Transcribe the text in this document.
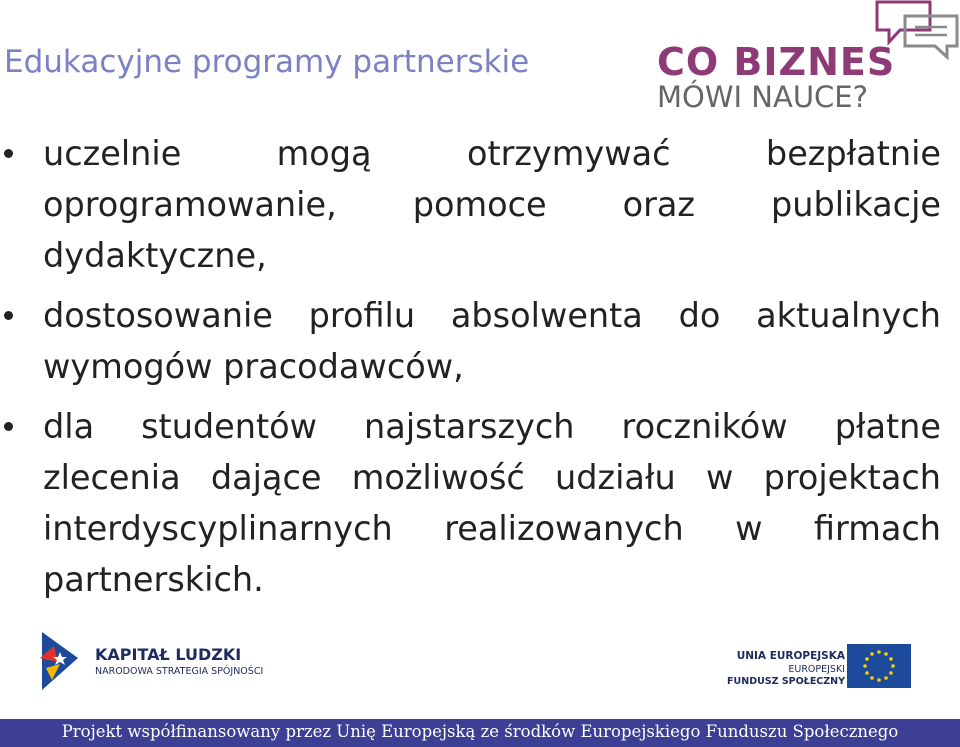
Edukacyjne programy partnerskie	CO BIZNES
MÓWI NAUCE?
uczelnie mogą otrzymywać bezpłatnie oprogramowanie, pomoce oraz publikacje dydaktyczne,
dostosowanie profilu absolwenta do aktualnych wymogów pracodawców,
dla studentów najstarszych roczników płatne zlecenia dające możliwość udziału w projektach interdyscyplinarnych realizowanych w firmach partnerskich.
KAPITAŁ LUDZKI
NARODOWA STRATEGIA SPÓJNOŚCI
UNIA EUROPEJSKA
EUROPEJSKI
FUNDUSZ SPOŁECZNY
Projekt współfinansowany przez Unię Europejską ze środków Europejskiego Funduszu Społecznego
